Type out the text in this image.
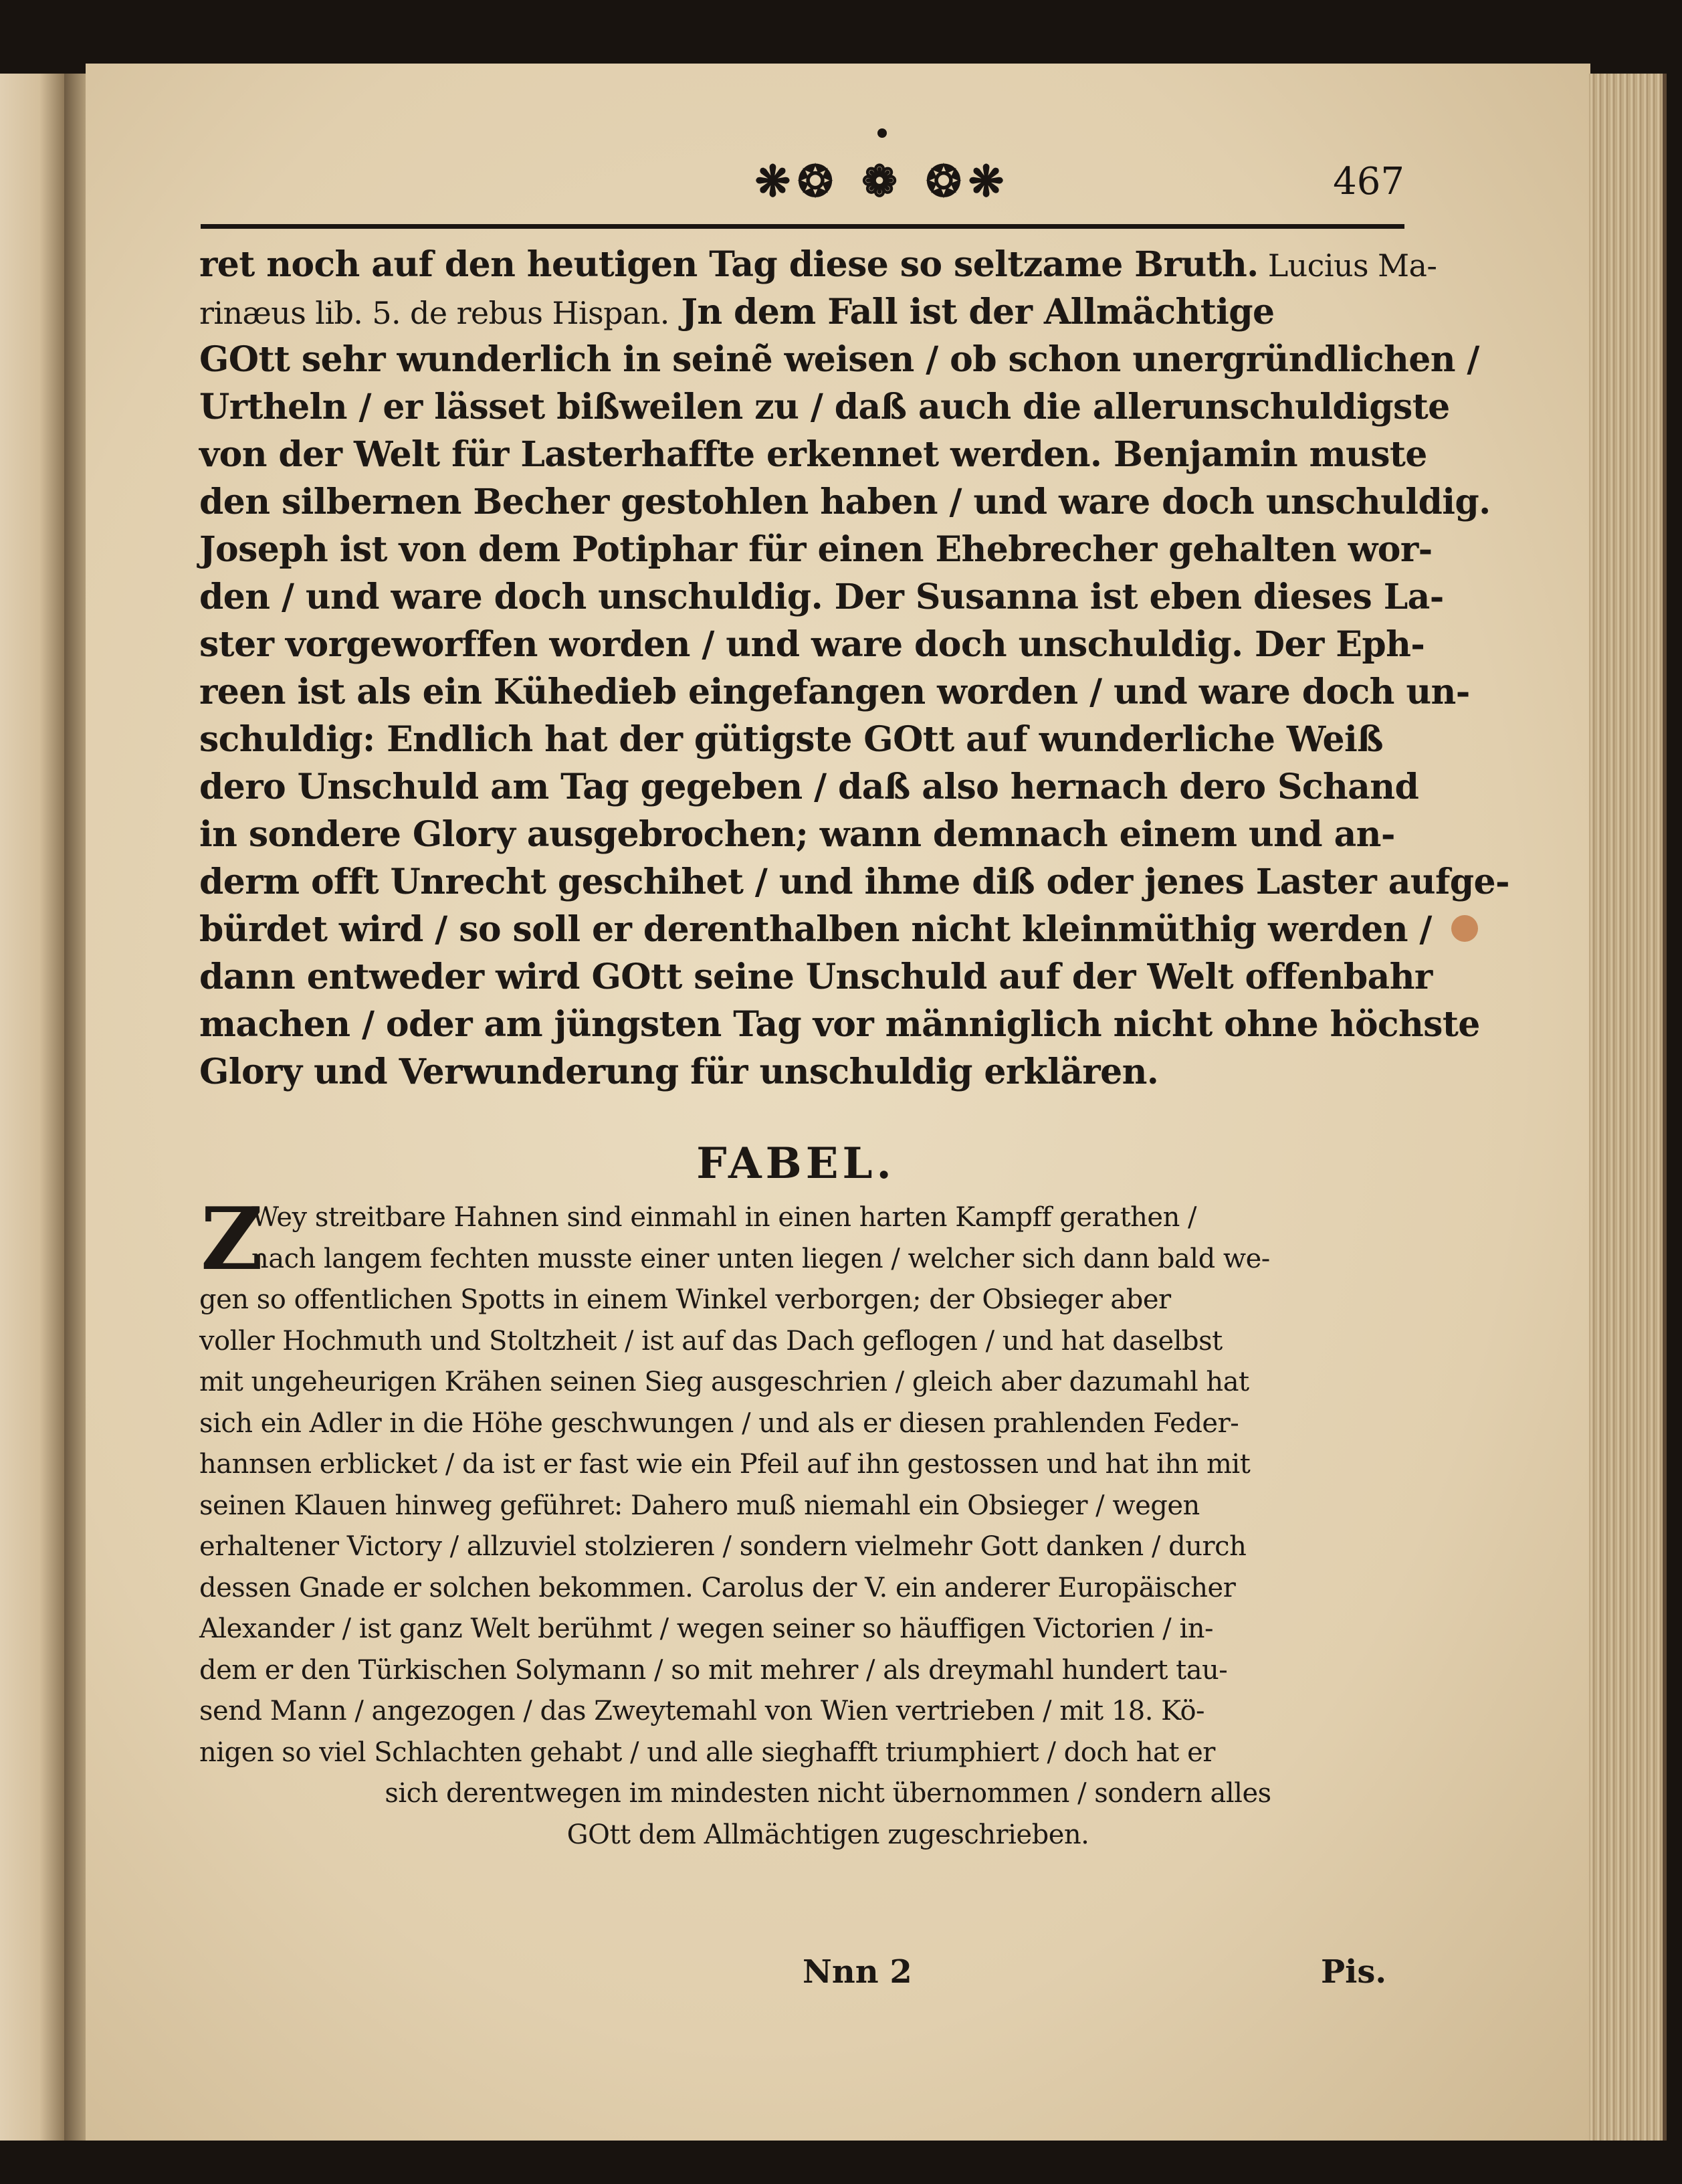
❋❂ ❁ ❂❋	467
ret noch auf den heutigen Tag diese so seltzame Bruth. Lucius Ma-
rinæus lib. 5. de rebus Hispan. Jn dem Fall ist der Allmächtige
GOtt sehr wunderlich in seinẽ weisen / ob schon unergründlichen /
Urtheln / er lässet bißweilen zu / daß auch die allerunschuldigste
von der Welt für Lasterhaffte erkennet werden. Benjamin muste
den silbernen Becher gestohlen haben / und ware doch unschuldig.
Joseph ist von dem Potiphar für einen Ehebrecher gehalten wor-
den / und ware doch unschuldig. Der Susanna ist eben dieses La-
ster vorgeworffen worden / und ware doch unschuldig. Der Eph-
reen ist als ein Kühedieb eingefangen worden / und ware doch un-
schuldig: Endlich hat der gütigste GOtt auf wunderliche Weiß
dero Unschuld am Tag gegeben / daß also hernach dero Schand
in sondere Glory ausgebrochen; wann demnach einem und an-
derm offt Unrecht geschihet / und ihme diß oder jenes Laster aufge-
bürdet wird / so soll er derenthalben nicht kleinmüthig werden /
dann entweder wird GOtt seine Unschuld auf der Welt offenbahr
machen / oder am jüngsten Tag vor männiglich nicht ohne höchste
Glory und Verwunderung für unschuldig erklären.
FABEL.
Z
Wey streitbare Hahnen sind einmahl in einen harten Kampff gerathen /
nach langem fechten musste einer unten liegen / welcher sich dann bald we-
gen so offentlichen Spotts in einem Winkel verborgen; der Obsieger aber
voller Hochmuth und Stoltzheit / ist auf das Dach geflogen / und hat daselbst
mit ungeheurigen Krähen seinen Sieg ausgeschrien / gleich aber dazumahl hat
sich ein Adler in die Höhe geschwungen / und als er diesen prahlenden Feder-
hannsen erblicket / da ist er fast wie ein Pfeil auf ihn gestossen und hat ihn mit
seinen Klauen hinweg geführet: Dahero muß niemahl ein Obsieger / wegen
erhaltener Victory / allzuviel stolzieren / sondern vielmehr Gott danken / durch
dessen Gnade er solchen bekommen. Carolus der V. ein anderer Europäischer
Alexander / ist ganz Welt berühmt / wegen seiner so häuffigen Victorien / in-
dem er den Türkischen Solymann / so mit mehrer / als dreymahl hundert tau-
send Mann / angezogen / das Zweytemahl von Wien vertrieben / mit 18. Kö-
nigen so viel Schlachten gehabt / und alle sieghafft triumphiert / doch hat er
sich derentwegen im mindesten nicht übernommen / sondern alles
GOtt dem Allmächtigen zugeschrieben.
Nnn 2	Pis.
